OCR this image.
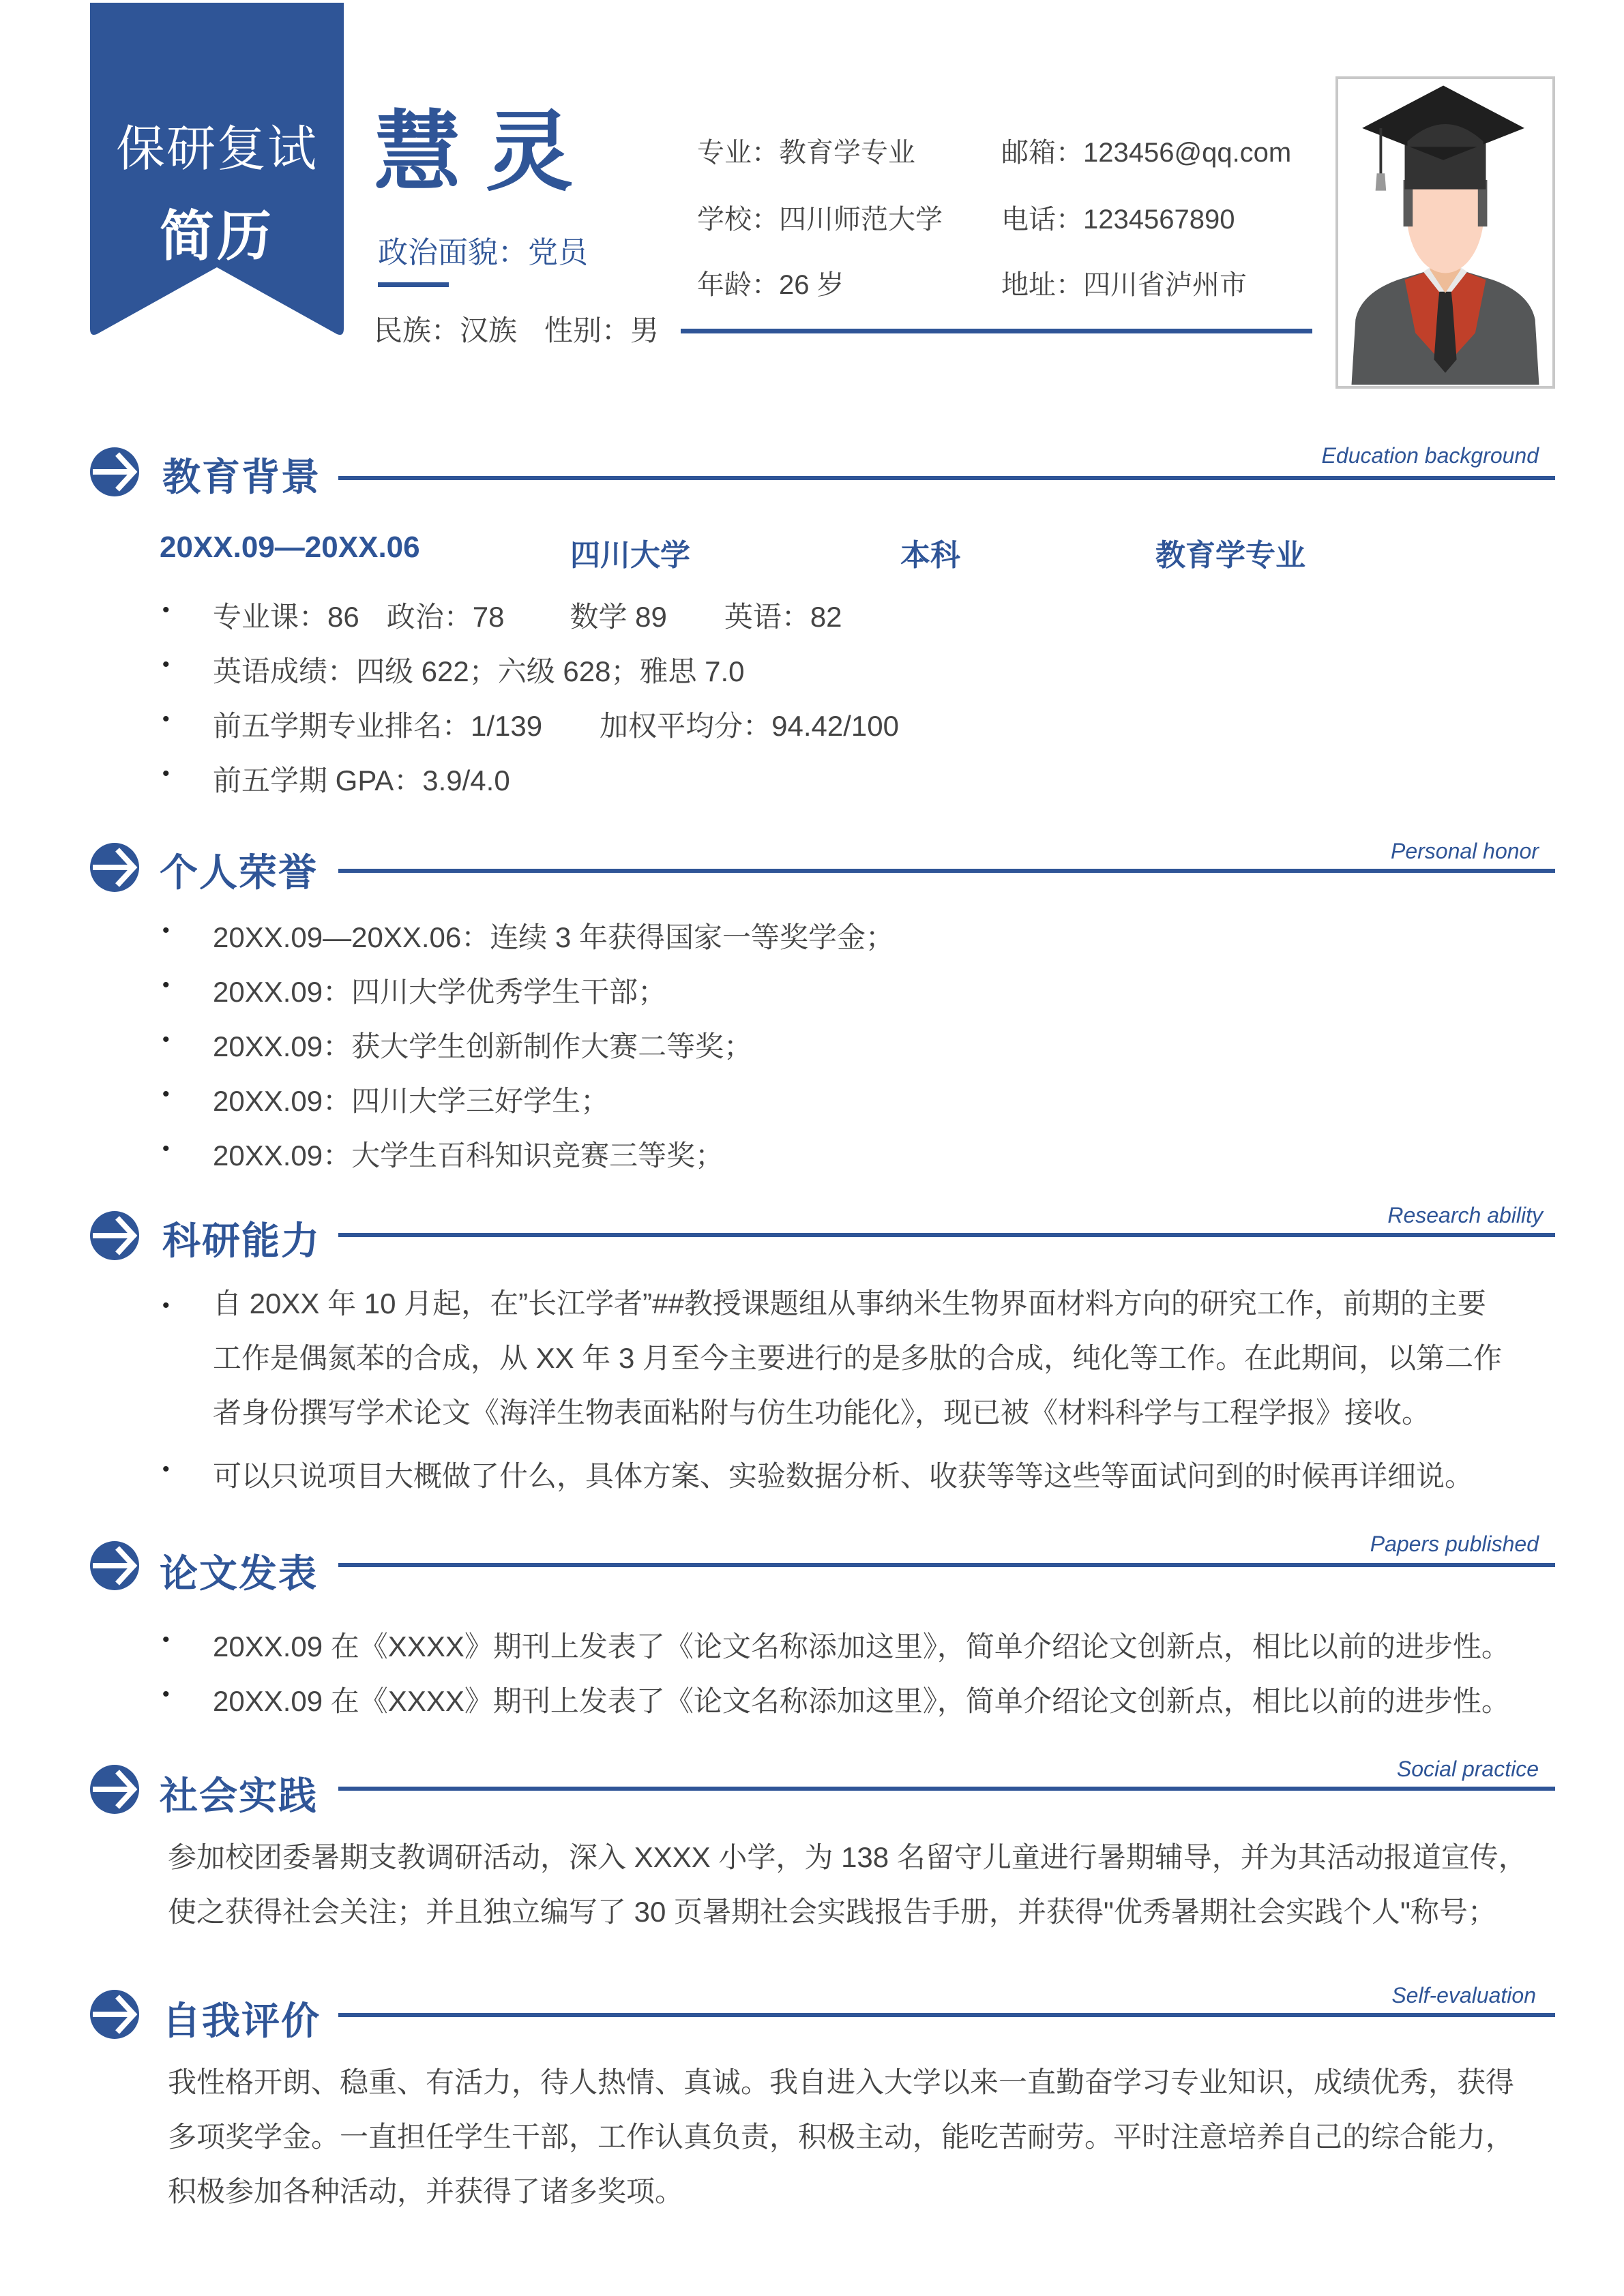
保研复试
简历
慧灵
政治面貌：党员
民族：汉族 性别：男
专业：教育学专业
学校：四川师范大学
年龄：26 岁
邮箱：123456@qq.com
电话：1234567890
地址：四川省泸州市
教育背景	Education background
20XX.09—20XX.06	四川大学	本科	教育学专业
• 专业课：86 政治：78 数学 89 英语：82
• 英语成绩：四级 622；六级 628；雅思 7.0
• 前五学期专业排名：1/139 加权平均分：94.42/100
• 前五学期 GPA：3.9/4.0
个人荣誉	Personal honor
• 20XX.09—20XX.06：连续 3 年获得国家一等奖学金；
• 20XX.09：四川大学优秀学生干部；
• 20XX.09：获大学生创新制作大赛二等奖；
• 20XX.09：四川大学三好学生；
• 20XX.09：大学生百科知识竞赛三等奖；
科研能力
Research ability
• 自 20XX 年 10 月起，在”长江学者”##教授课题组从事纳米生物界面材料方向的研究工作，前期的主要
工作是偶氮苯的合成，从 XX 年 3 月至今主要进行的是多肽的合成，纯化等工作。在此期间，以第二作
者身份撰写学术论文《海洋生物表面粘附与仿生功能化》，现已被《材料科学与工程学报》接收。
• 可以只说项目大概做了什么，具体方案、实验数据分析、收获等等这些等面试问到的时候再详细说。
论文发表
Papers published
• 20XX.09 在《XXXX》期刊上发表了《论文名称添加这里》，简单介绍论文创新点，相比以前的进步性。
• 20XX.09 在《XXXX》期刊上发表了《论文名称添加这里》，简单介绍论文创新点，相比以前的进步性。
社会实践
Social practice
参加校团委暑期支教调研活动，深入 XXXX 小学，为 138 名留守儿童进行暑期辅导，并为其活动报道宣传，
使之获得社会关注；并且独立编写了 30 页暑期社会实践报告手册，并获得"优秀暑期社会实践个人"称号；
自我评价
Self-evaluation
我性格开朗、稳重、有活力，待人热情、真诚。我自进入大学以来一直勤奋学习专业知识，成绩优秀，获得
多项奖学金。一直担任学生干部，工作认真负责，积极主动，能吃苦耐劳。平时注意培养自己的综合能力，
积极参加各种活动，并获得了诸多奖项。
